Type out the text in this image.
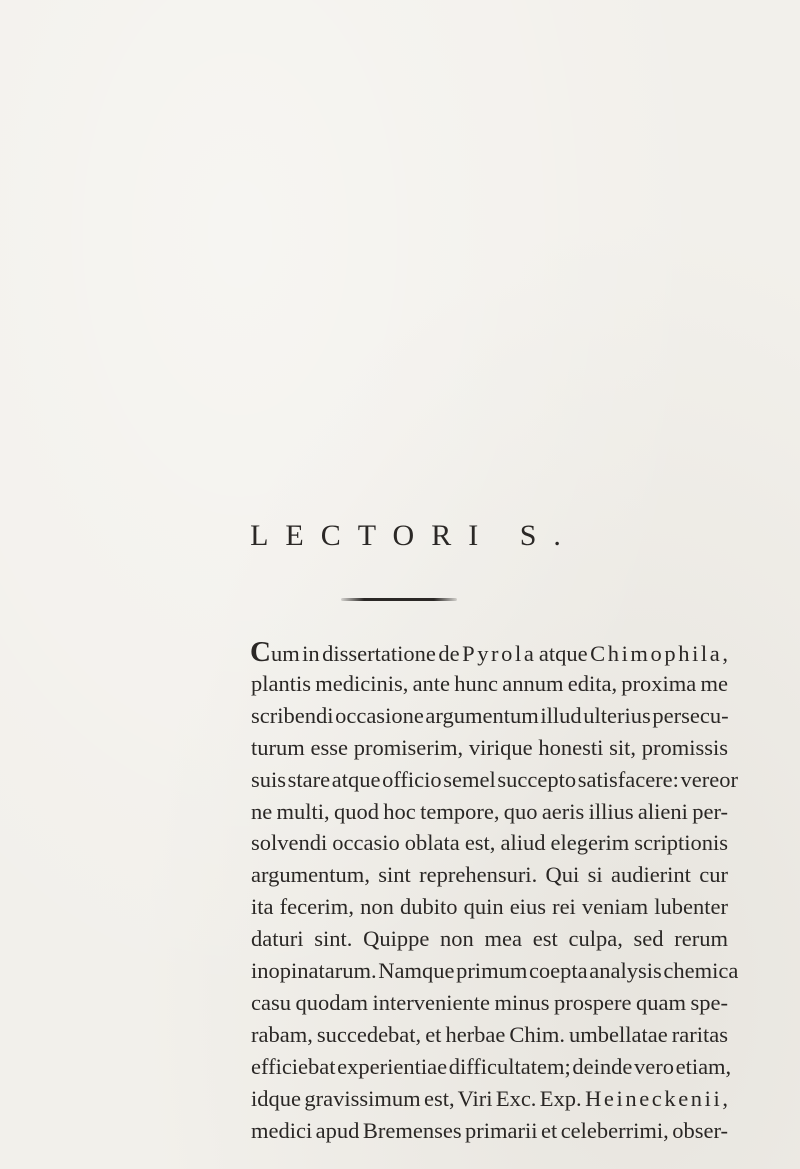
LECTORI S.
Cum in dissertatione de Pyrola atque Chimophila,
plantis medicinis, ante hunc annum edita, proxima me
scribendi occasione argumentum illud ulterius persecu-
turum esse promiserim, virique honesti sit, promissis
suis stare atque officio semel succepto satisfacere: vereor
ne multi, quod hoc tempore, quo aeris illius alieni per-
solvendi occasio oblata est, aliud elegerim scriptionis
argumentum, sint reprehensuri. Qui si audierint cur
ita fecerim, non dubito quin eius rei veniam lubenter
daturi sint. Quippe non mea est culpa, sed rerum
inopinatarum. Namque primum coepta analysis chemica
casu quodam interveniente minus prospere quam spe-
rabam, succedebat, et herbae Chim. umbellatae raritas
efficiebat experientiae difficultatem; deinde vero etiam,
idque gravissimum est, Viri Exc. Exp. Heineckenii,
medici apud Bremenses primarii et celeberrimi, obser-
